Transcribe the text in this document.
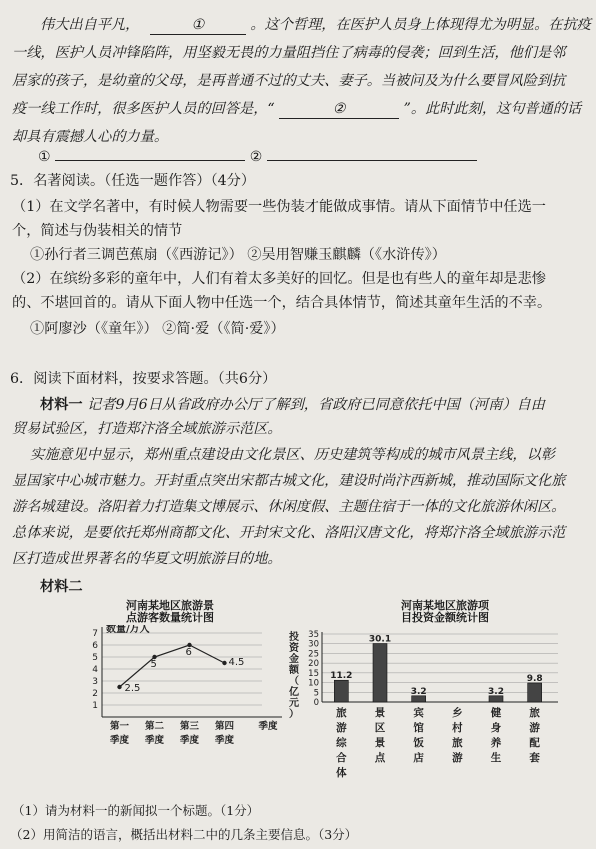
伟大出自平凡，	①	。这个哲理，在医护人员身上体现得尤为明显。在抗疫
一线，医护人员冲锋陷阵，用坚毅无畏的力量阻挡住了病毒的侵袭；回到生活，他们是邻
居家的孩子，是幼童的父母，是再普通不过的丈夫、妻子。当被问及为什么要冒风险到抗
疫一线工作时，很多医护人员的回答是，“	②	”。此时此刻，这句普通的话
却具有震撼人心的力量。
①	②
5．名著阅读。（任选一题作答）（4分）
（1）在文学名著中，有时候人物需要一些伪装才能做成事情。请从下面情节中任选一
个，简述与伪装相关的情节
①孙行者三调芭蕉扇（《西游记》） ②吴用智赚玉麒麟（《水浒传》）
（2）在缤纷多彩的童年中，人们有着太多美好的回忆。但是也有些人的童年却是悲惨
的、不堪回首的。请从下面人物中任选一个，结合具体情节，简述其童年生活的不幸。
①阿廖沙（《童年》） ②简·爱（《简·爱》）
6．阅读下面材料，按要求答题。（共6分）
材料一 记者9月6日从省政府办公厅了解到，省政府已同意依托中国（河南）自由
贸易试验区，打造郑汴洛全域旅游示范区。
实施意见中显示，郑州重点建设由文化景区、历史建筑等构成的城市风景主线，以彰
显国家中心城市魅力。开封重点突出宋都古城文化，建设时尚汴西新城，推动国际文化旅
游名城建设。洛阳着力打造集文博展示、休闲度假、主题住宿于一体的文化旅游休闲区。
总体来说，是要依托郑州商都文化、开封宋文化、洛阳汉唐文化，将郑汴洛全域旅游示范
区打造成世界著名的华夏文明旅游目的地。
材料二
河南某地区旅游景
点游客数量统计图
河南某地区旅游项
目投资金额统计图
1
2
3
4
5
6
7 数量/万人
2.5
5
6
4.5
第一
季度
第二
季度
第三
季度
第四
季度
季度
0
5
10
15
20
25
30
35
投
资
金
额
（
亿
元
）
11.2
旅
游
综
合
体
30.1
景
区
景
点
3.2
宾
馆
饭
店
乡
村
旅
游
3.2
健
身
养
生
9.8
旅
游
配
套
（1）请为材料一的新闻拟一个标题。（1分）
（2）用简洁的语言，概括出材料二中的几条主要信息。（3分）
